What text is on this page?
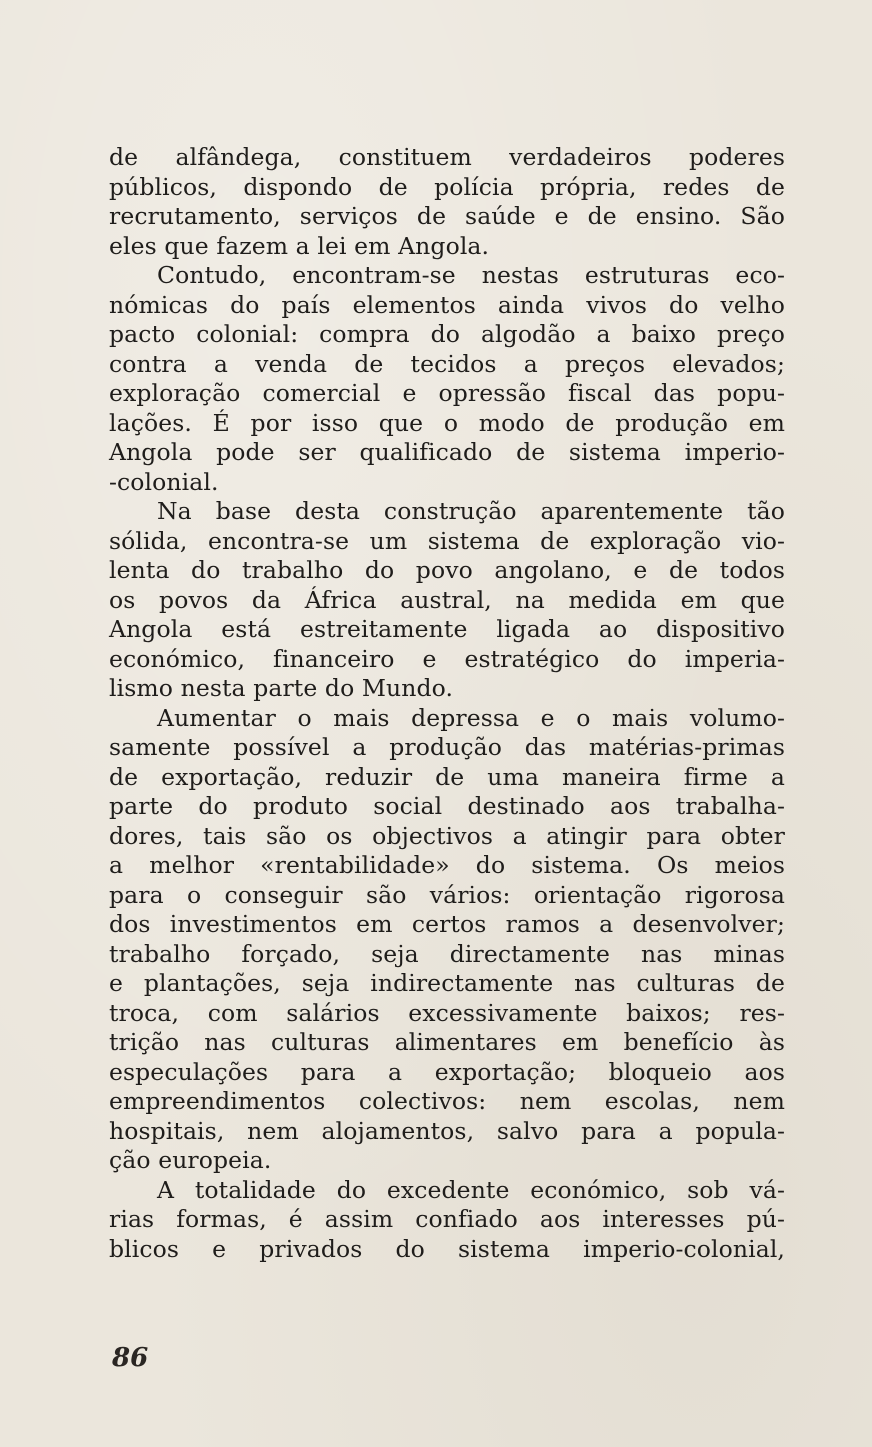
de alfândega, constituem verdadeiros poderes
públicos, dispondo de polícia própria, redes de
recrutamento, serviços de saúde e de ensino. São
eles que fazem a lei em Angola.
Contudo, encontram-se nestas estruturas eco-
nómicas do país elementos ainda vivos do velho
pacto colonial: compra do algodão a baixo preço
contra a venda de tecidos a preços elevados;
exploração comercial e opressão fiscal das popu-
lações. É por isso que o modo de produção em
Angola pode ser qualificado de sistema imperio-
-colonial.
Na base desta construção aparentemente tão
sólida, encontra-se um sistema de exploração vio-
lenta do trabalho do povo angolano, e de todos
os povos da África austral, na medida em que
Angola está estreitamente ligada ao dispositivo
económico, financeiro e estratégico do imperia-
lismo nesta parte do Mundo.
Aumentar o mais depressa e o mais volumo-
samente possível a produção das matérias-primas
de exportação, reduzir de uma maneira firme a
parte do produto social destinado aos trabalha-
dores, tais são os objectivos a atingir para obter
a melhor «rentabilidade» do sistema. Os meios
para o conseguir são vários: orientação rigorosa
dos investimentos em certos ramos a desenvolver;
trabalho forçado, seja directamente nas minas
e plantações, seja indirectamente nas culturas de
troca, com salários excessivamente baixos; res-
trição nas culturas alimentares em benefício às
especulações para a exportação; bloqueio aos
empreendimentos colectivos: nem escolas, nem
hospitais, nem alojamentos, salvo para a popula-
ção europeia.
A totalidade do excedente económico, sob vá-
rias formas, é assim confiado aos interesses pú-
blicos e privados do sistema imperio-colonial,
86
